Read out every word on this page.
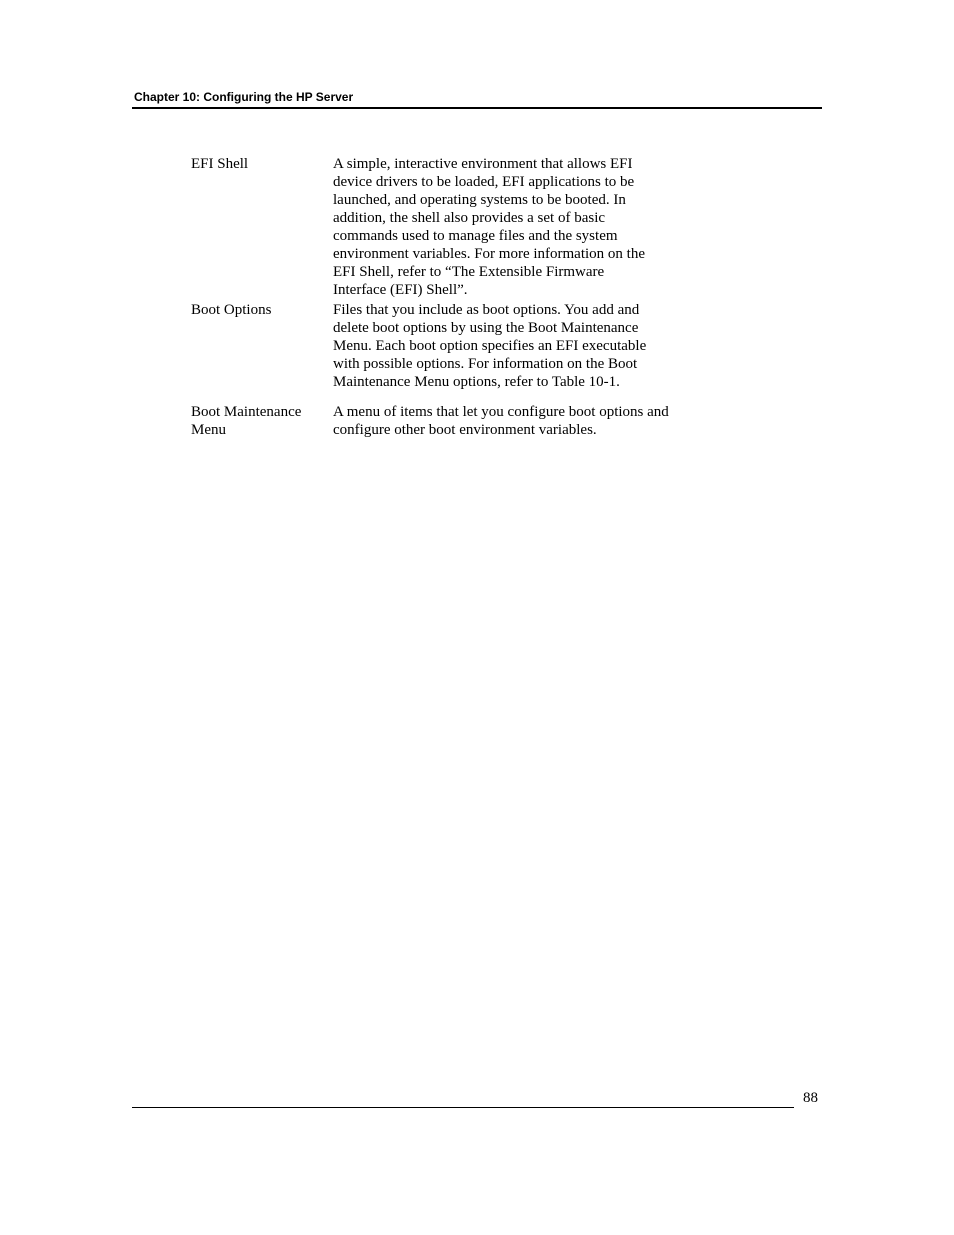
Chapter 10: Configuring the HP Server
EFI Shell	A simple, interactive environment that allows EFI
device drivers to be loaded, EFI applications to be
launched, and operating systems to be booted. In
addition, the shell also provides a set of basic
commands used to manage files and the system
environment variables. For more information on the
EFI Shell, refer to “The Extensible Firmware
Interface (EFI) Shell”.
Boot Options	Files that you include as boot options. You add and
delete boot options by using the Boot Maintenance
Menu. Each boot option specifies an EFI executable
with possible options. For information on the Boot
Maintenance Menu options, refer to Table 10-1.
Boot Maintenance
Menu
A menu of items that let you configure boot options and
configure other boot environment variables.
88
